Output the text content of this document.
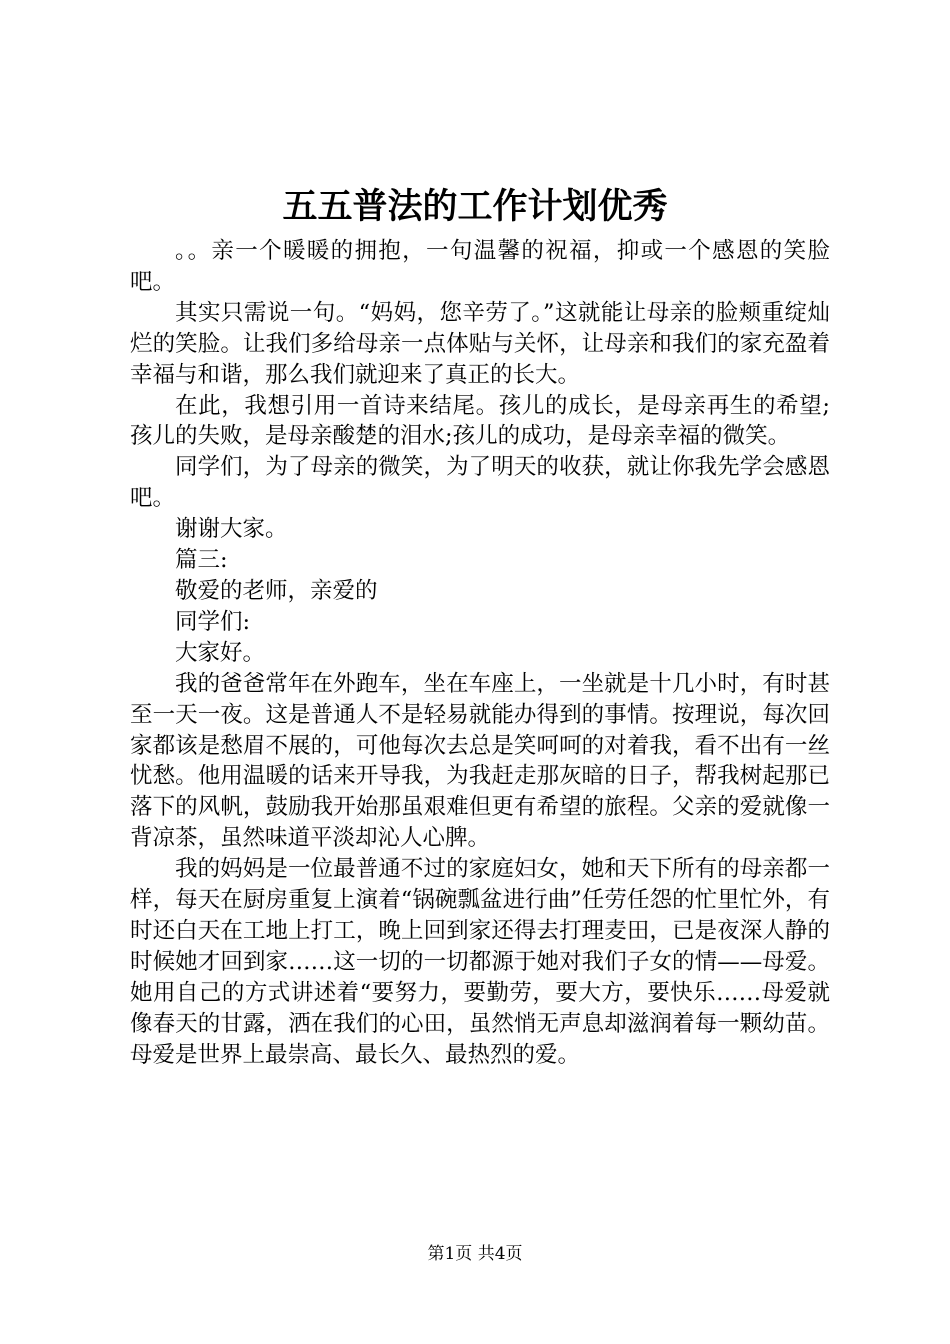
五五普法的工作计划优秀

。。亲一个暖暖的拥抱，一句温馨的祝福，抑或一个感恩的笑脸吧。

其实只需说一句。“妈妈，您辛劳了。”这就能让母亲的脸颊重绽灿烂的笑脸。让我们多给母亲一点体贴与关怀，让母亲和我们的家充盈着幸福与和谐，那么我们就迎来了真正的长大。

在此，我想引用一首诗来结尾。孩儿的成长，是母亲再生的希望;孩儿的失败，是母亲酸楚的泪水;孩儿的成功，是母亲幸福的微笑。

同学们，为了母亲的微笑，为了明天的收获，就让你我先学会感恩吧。

谢谢大家。

篇三:

敬爱的老师，亲爱的

同学们:

大家好。

我的爸爸常年在外跑车，坐在车座上，一坐就是十几小时，有时甚至一天一夜。这是普通人不是轻易就能办得到的事情。按理说，每次回家都该是愁眉不展的，可他每次去总是笑呵呵的对着我，看不出有一丝忧愁。他用温暖的话来开导我，为我赶走那灰暗的日子，帮我树起那已落下的风帆，鼓励我开始那虽艰难但更有希望的旅程。父亲的爱就像一背凉茶，虽然味道平淡却沁人心脾。

我的妈妈是一位最普通不过的家庭妇女，她和天下所有的母亲都一样，每天在厨房重复上演着“锅碗瓢盆进行曲”任劳任怨的忙里忙外，有时还白天在工地上打工，晚上回到家还得去打理麦田，已是夜深人静的时候她才回到家……这一切的一切都源于她对我们子女的情——母爱。她用自己的方式讲述着“要努力，要勤劳，要大方，要快乐……母爱就像春天的甘露，洒在我们的心田，虽然悄无声息却滋润着每一颗幼苗。母爱是世界上最崇高、最长久、最热烈的爱。

第1页 共4页
